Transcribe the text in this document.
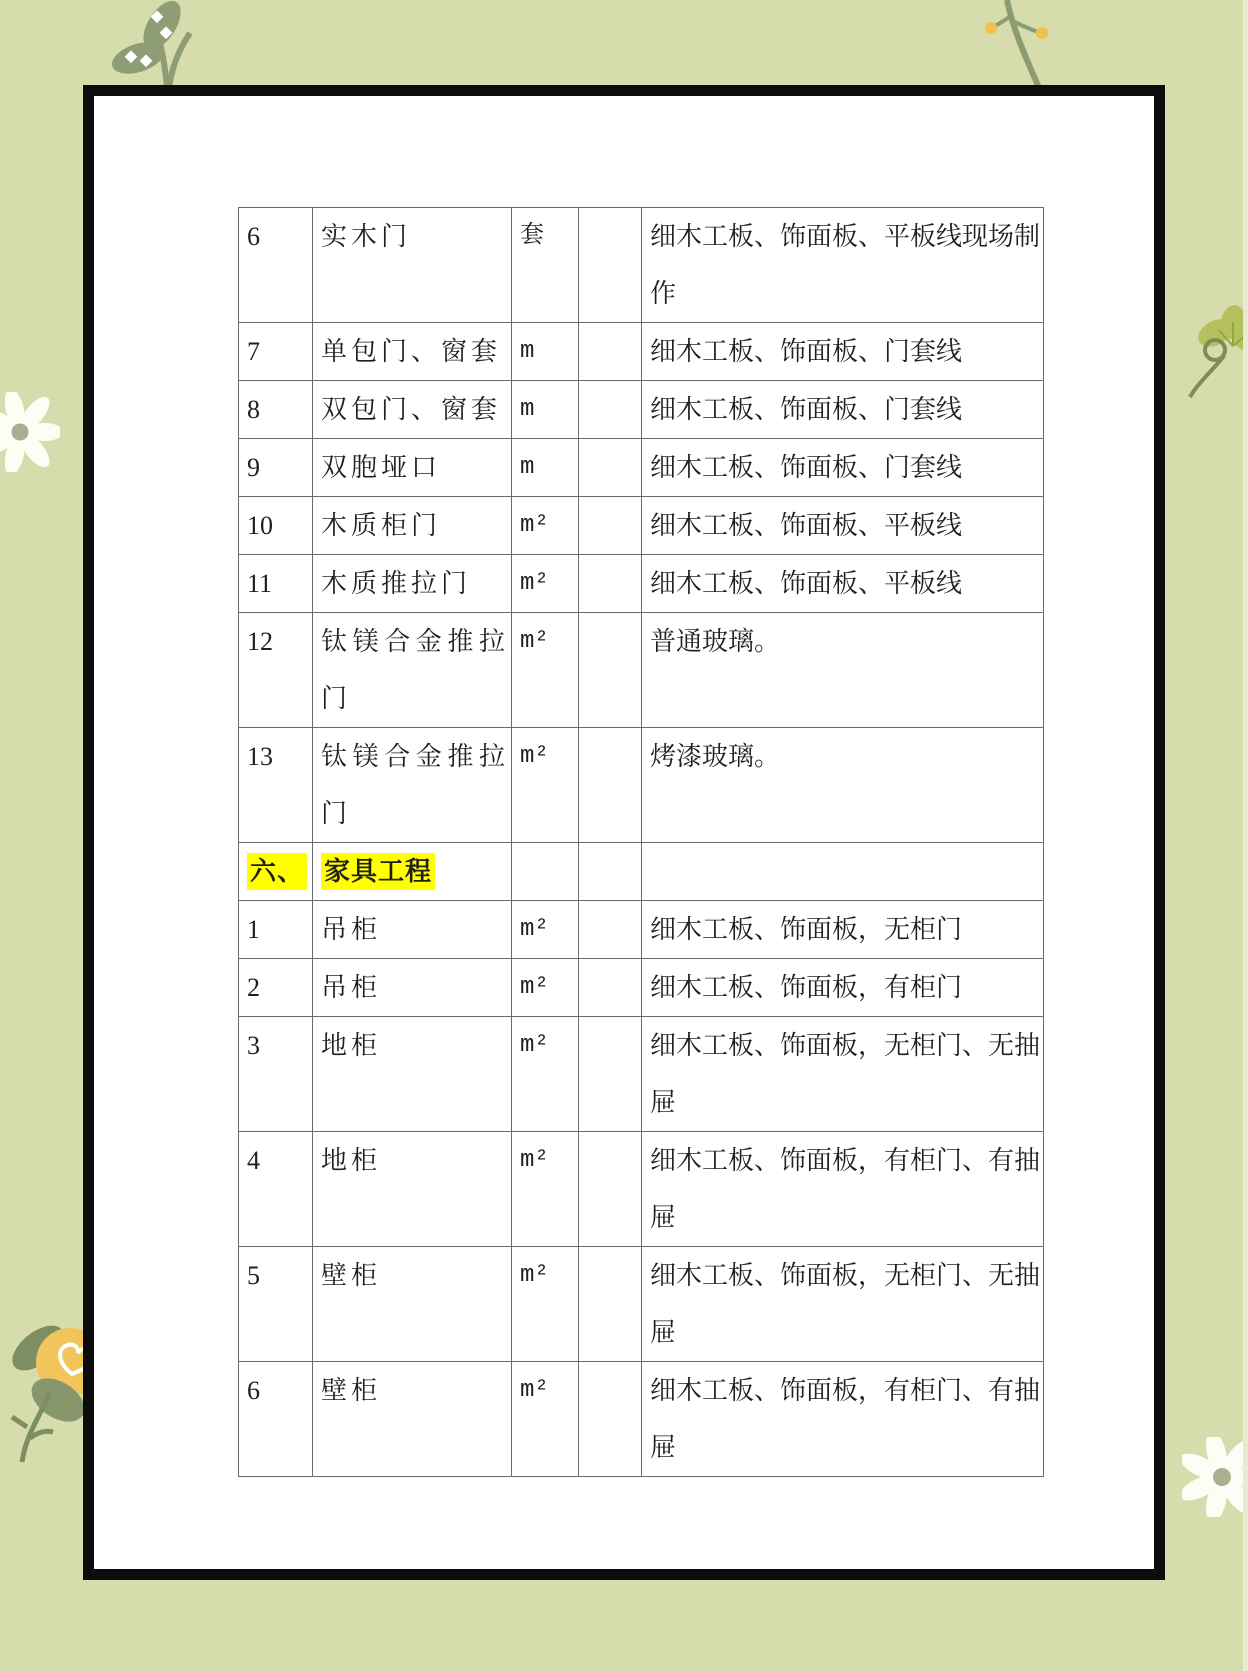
6	实木门	套		细木工板、饰面板、平板线现场制作
7	单包门、窗套	m		细木工板、饰面板、门套线
8	双包门、窗套	m		细木工板、饰面板、门套线
9	双胞垭口	m		细木工板、饰面板、门套线
10	木质柜门	m²		细木工板、饰面板、平板线
11	木质推拉门	m²		细木工板、饰面板、平板线
12	钛镁合金推拉门	m²		普通玻璃。
13	钛镁合金推拉门	m²		烤漆玻璃。
六、	家具工程			
1	吊柜	m²		细木工板、饰面板，无柜门
2	吊柜	m²		细木工板、饰面板，有柜门
3	地柜	m²		细木工板、饰面板，无柜门、无抽屉
4	地柜	m²		细木工板、饰面板，有柜门、有抽屉
5	壁柜	m²		细木工板、饰面板，无柜门、无抽屉
6	壁柜	m²		细木工板、饰面板，有柜门、有抽屉
